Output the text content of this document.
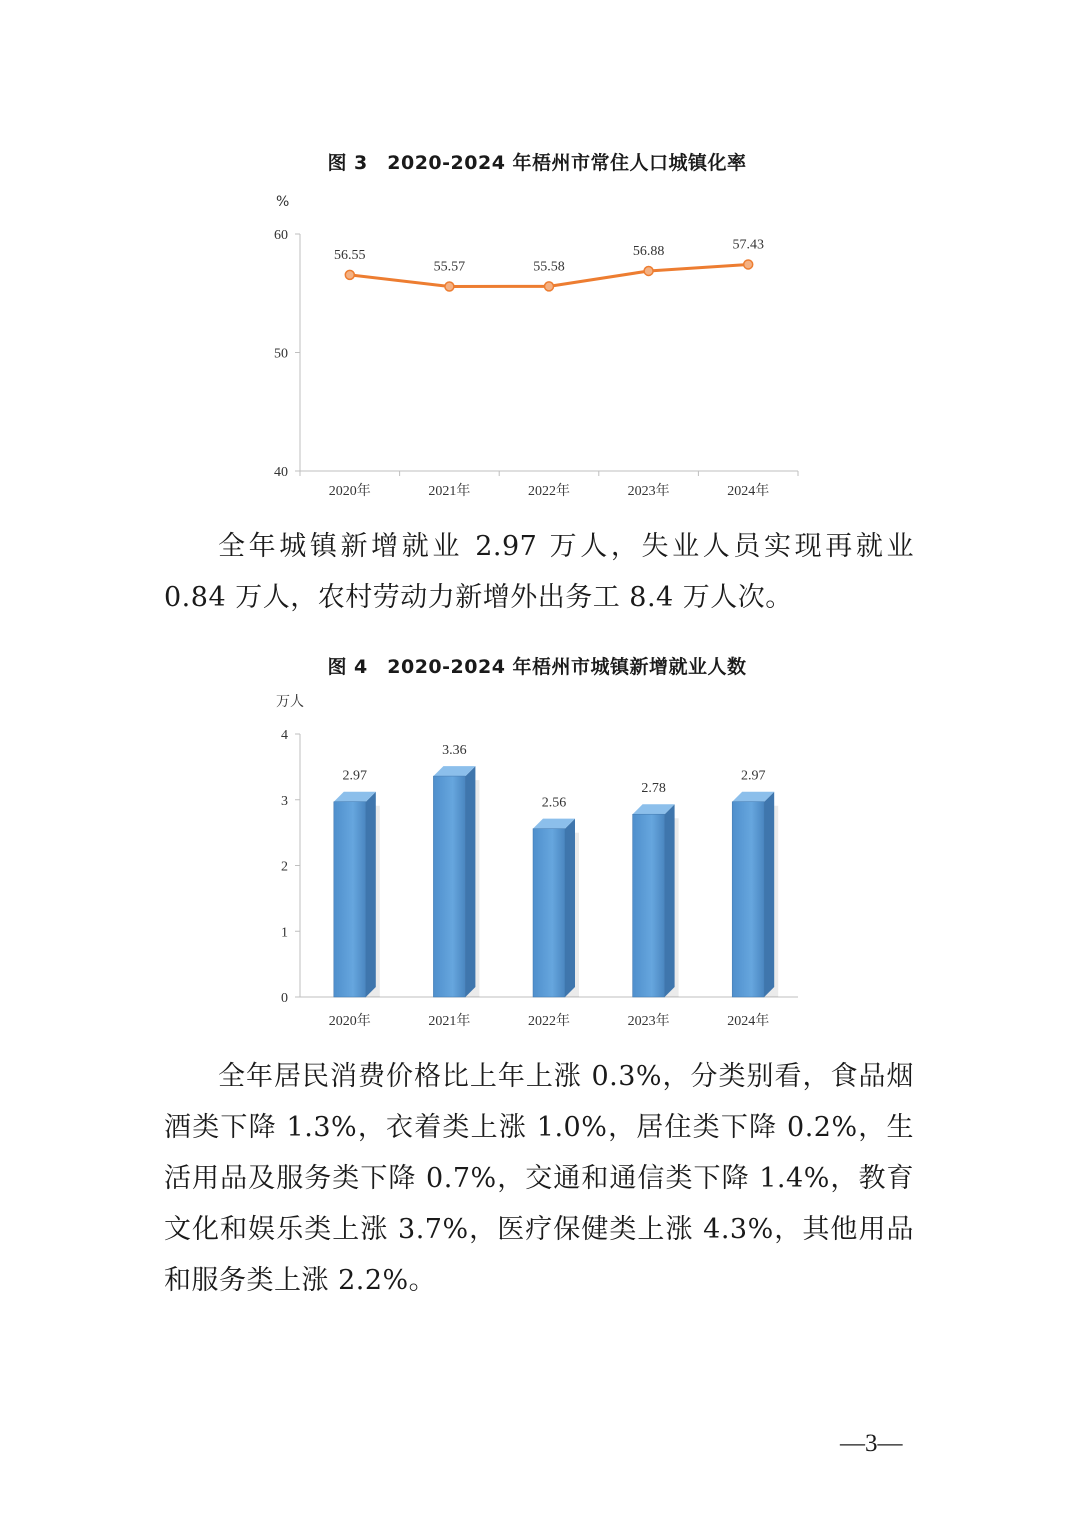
图 3　2020-2024 年梧州市常住人口城镇化率
%
40
50
60
2020年	2021年	2022年	2023年	2024年
56.55
55.57	55.58
56.88	57.43
全年城镇新增就业 2.97 万人，失业人员实现再就业 0.84 万人，农村劳动力新增外出务工 8.4 万人次。
图 4　2020-2024 年梧州市城镇新增就业人数
万人
0
1
2
3
4
2020年	2021年	2022年	2023年	2024年
2.97
3.36
2.56
2.78
2.97
全年居民消费价格比上年上涨 0.3%，分类别看，食品烟酒类下降 1.3%，衣着类上涨 1.0%，居住类下降 0.2%，生活用品及服务类下降 0.7%，交通和通信类下降 1.4%，教育文化和娱乐类上涨 3.7%，医疗保健类上涨 4.3%，其他用品和服务类上涨 2.2%。
—3—
